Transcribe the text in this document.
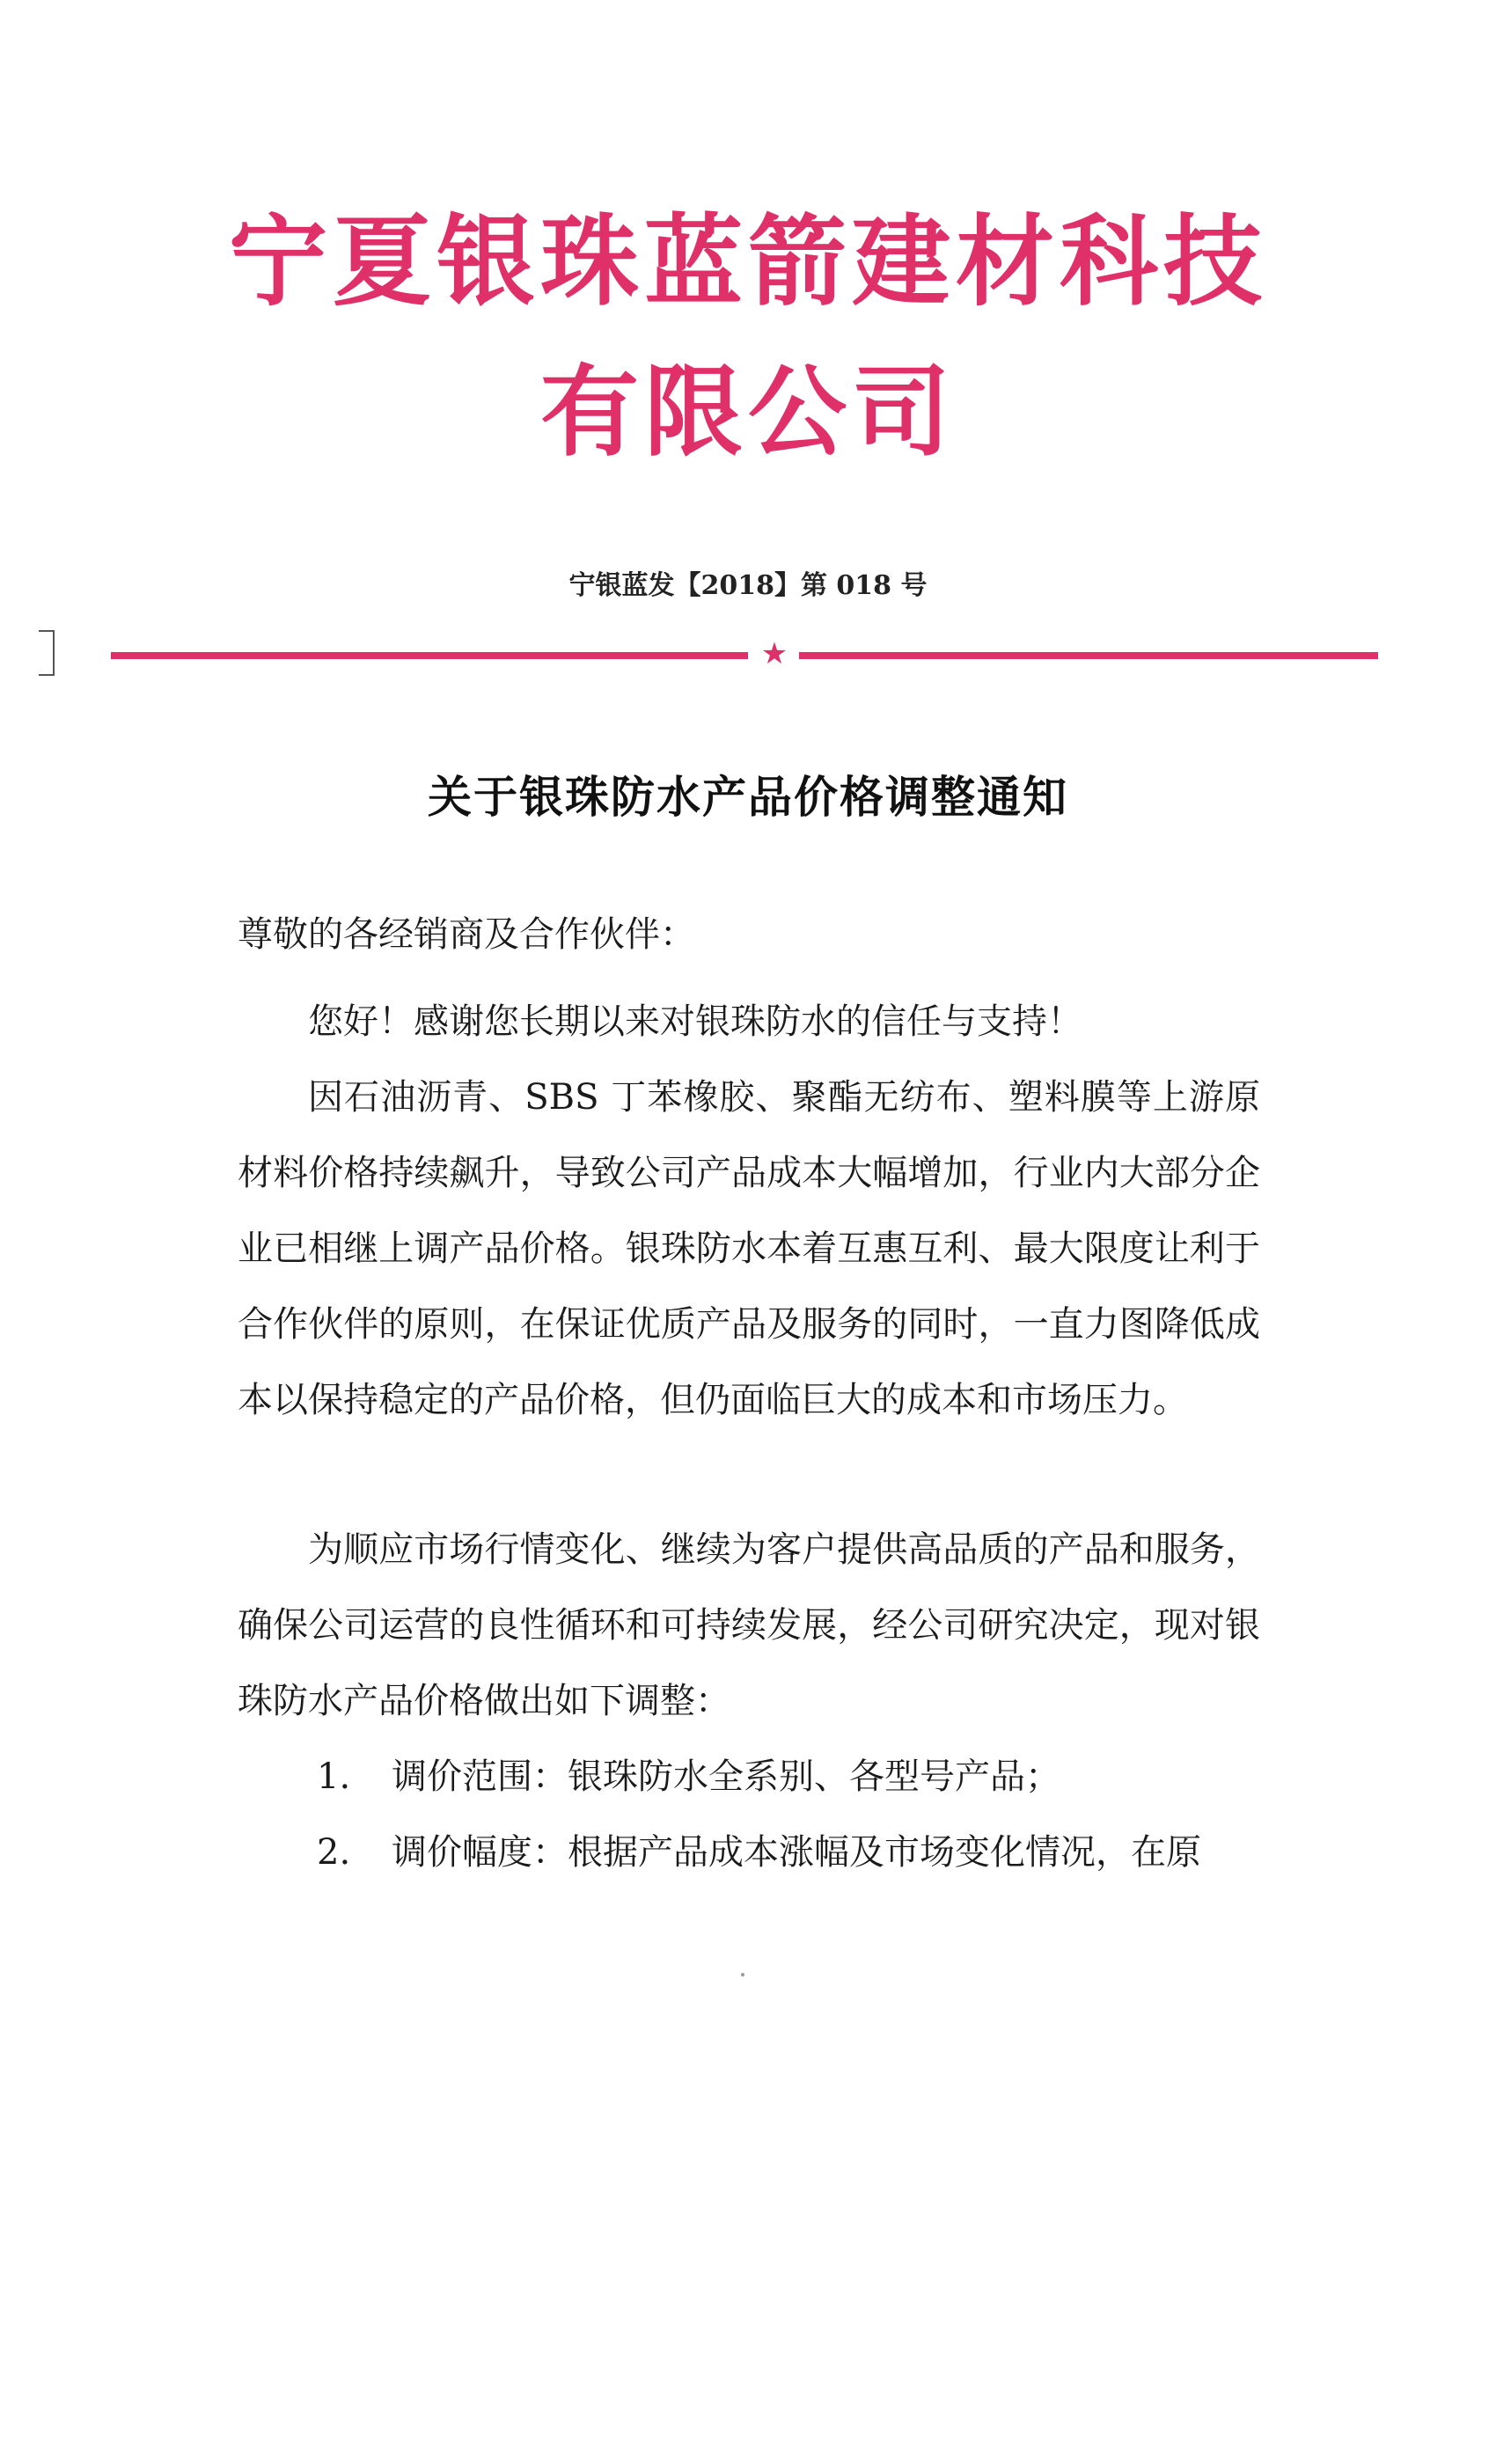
宁夏银珠蓝箭建材科技
有限公司
宁银蓝发【2018】第 018 号
★
关于银珠防水产品价格调整通知
尊敬的各经销商及合作伙伴：

您好！感谢您长期以来对银珠防水的信任与支持！

因石油沥青、SBS 丁苯橡胶、聚酯无纺布、塑料膜等上游原材料价格持续飙升，导致公司产品成本大幅增加，行业内大部分企业已相继上调产品价格。银珠防水本着互惠互利、最大限度让利于合作伙伴的原则，在保证优质产品及服务的同时，一直力图降低成本以保持稳定的产品价格，但仍面临巨大的成本和市场压力。

为顺应市场行情变化、继续为客户提供高品质的产品和服务，确保公司运营的良性循环和可持续发展，经公司研究决定，现对银珠防水产品价格做出如下调整：

1. 调价范围：银珠防水全系别、各型号产品；

2. 调价幅度：根据产品成本涨幅及市场变化情况，在原
